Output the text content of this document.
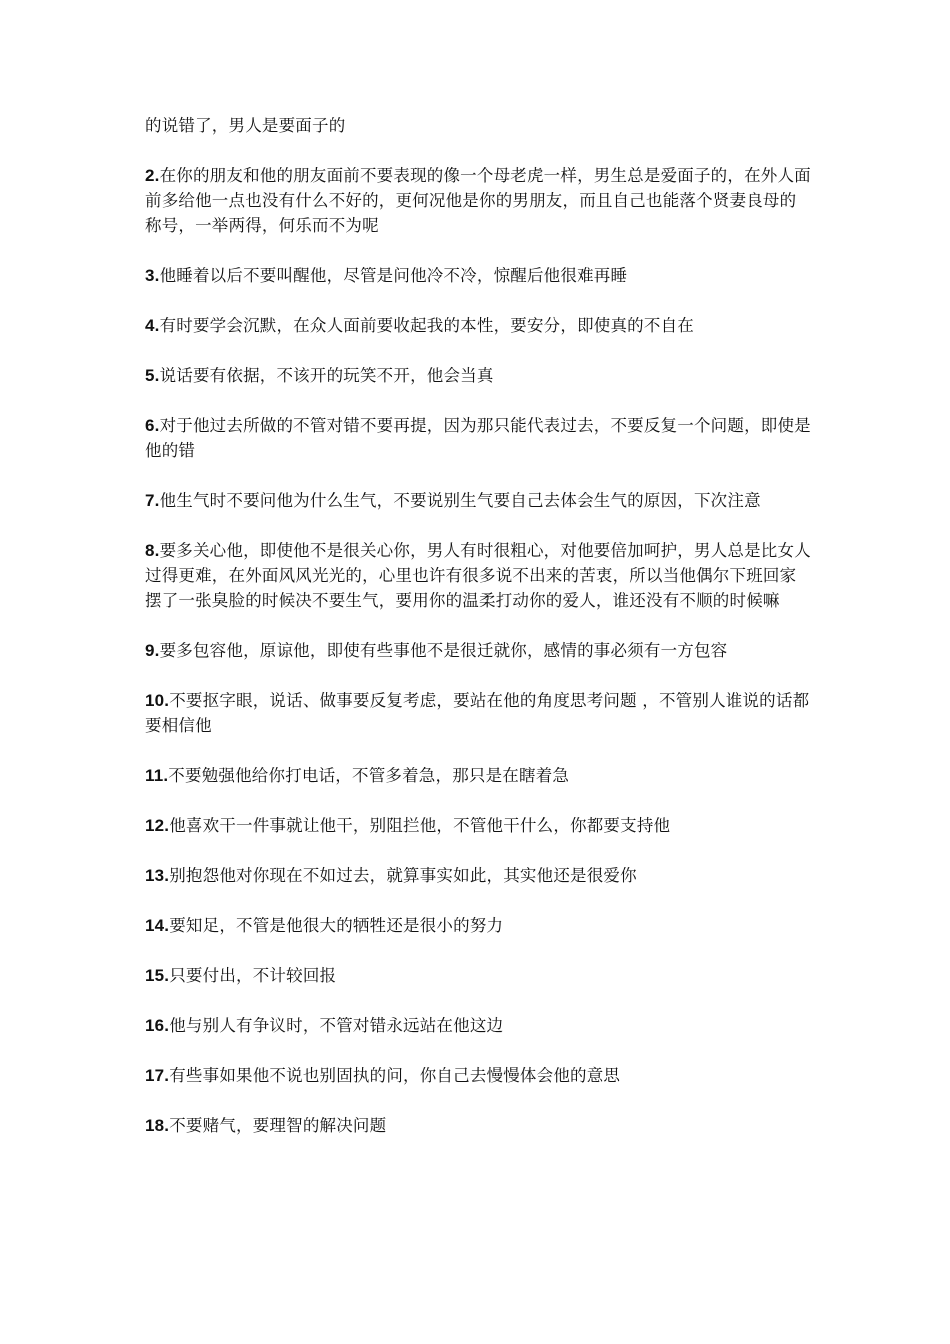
的说错了，男人是要面子的

2.在你的朋友和他的朋友面前不要表现的像一个母老虎一样，男生总是爱面子的，在外人面前多给他一点也没有什么不好的，更何况他是你的男朋友，而且自己也能落个贤妻良母的称号，一举两得，何乐而不为呢

3.他睡着以后不要叫醒他，尽管是问他冷不冷，惊醒后他很难再睡

4.有时要学会沉默，在众人面前要收起我的本性，要安分，即使真的不自在

5.说话要有依据，不该开的玩笑不开，他会当真

6.对于他过去所做的不管对错不要再提，因为那只能代表过去，不要反复一个问题，即使是他的错

7.他生气时不要问他为什么生气，不要说别生气要自己去体会生气的原因，下次注意

8.要多关心他，即使他不是很关心你，男人有时很粗心，对他要倍加呵护，男人总是比女人过得更难，在外面风风光光的，心里也许有很多说不出来的苦衷，所以当他偶尔下班回家摆了一张臭脸的时候决不要生气，要用你的温柔打动你的爱人，谁还没有不顺的时候嘛

9.要多包容他，原谅他，即使有些事他不是很迁就你，感情的事必须有一方包容

10.不要抠字眼，说话、做事要反复考虑，要站在他的角度思考问题 ，不管别人谁说的话都要相信他

11.不要勉强他给你打电话，不管多着急，那只是在瞎着急

12.他喜欢干一件事就让他干，别阻拦他，不管他干什么，你都要支持他

13.别抱怨他对你现在不如过去，就算事实如此，其实他还是很爱你

14.要知足，不管是他很大的牺牲还是很小的努力

15.只要付出，不计较回报

16.他与别人有争议时，不管对错永远站在他这边

17.有些事如果他不说也别固执的问，你自己去慢慢体会他的意思

18.不要赌气，要理智的解决问题
